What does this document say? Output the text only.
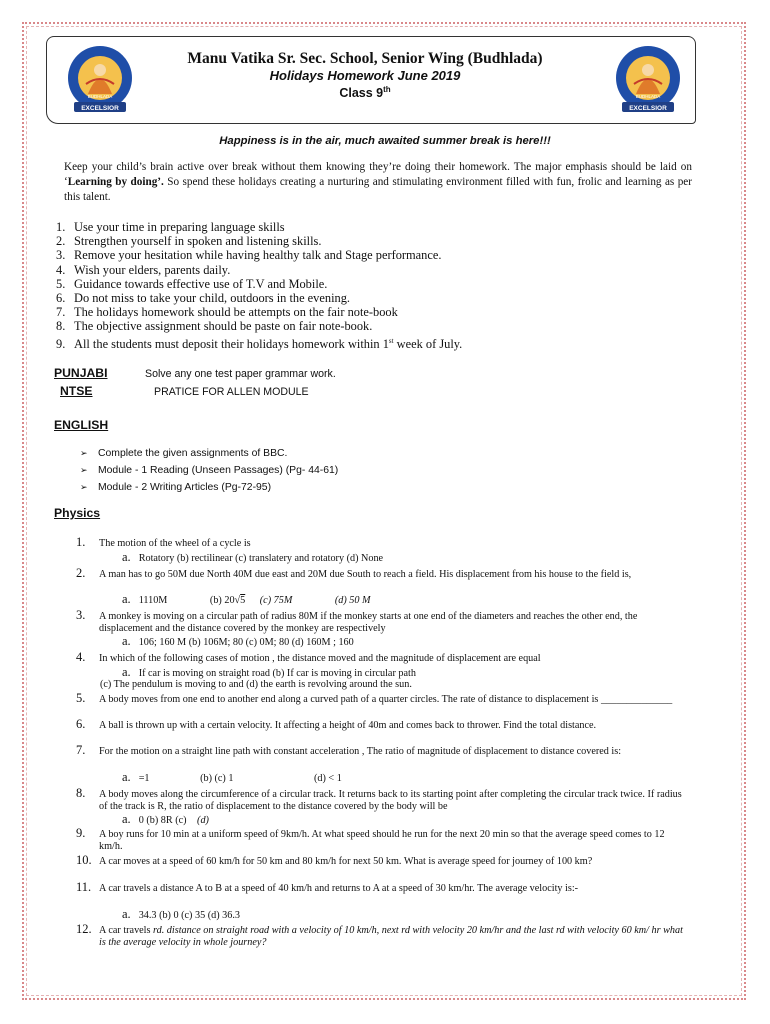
EXCELSIOR
BUDHLADA
EXCELSIOR
BUDHLADA
Manu Vatika Sr. Sec. School, Senior Wing (Budhlada)
Holidays Homework June 2019
Class 9th
Happiness is in the air, much awaited summer break is here!!!
Keep your child’s brain active over break without them knowing they’re doing their homework. The major emphasis should be laid on ‘Learning by doing’. So spend these holidays creating a nurturing and stimulating environment filled with fun, frolic and learning as per this talent.
1. Use your time in preparing language skills
2. Strengthen yourself in spoken and listening skills.
3. Remove your hesitation while having healthy talk and Stage performance.
4. Wish your elders, parents daily.
5. Guidance towards effective use of T.V and Mobile.
6. Do not miss to take your child, outdoors in the evening.
7. The holidays homework should be attempts on the fair note-book
8. The objective assignment should be paste on fair note-book.
9. All the students must deposit their holidays homework within 1st week of July.
PUNJABI	Solve any one test paper grammar work.
NTSE	PRATICE FOR ALLEN MODULE
ENGLISH
➢ Complete the given assignments of BBC.
➢ Module - 1 Reading (Unseen Passages) (Pg- 44-61)
➢ Module - 2 Writing Articles (Pg-72-95)
Physics
1. The motion of the wheel of a cycle is
a. Rotatory (b) rectilinear (c) translatery and rotatory (d) None
2. A man has to go 50M due North 40M due east and 20M due South to reach a field. His displacement from his house to the field is,
a. 1110M	(b) 20√5 (c) 75M	(d) 50 M
3. A monkey is moving on a circular path of radius 80M if the monkey starts at one end of the diameters and reaches the other end, the displacement and the distance covered by the monkey are respectively
a. 106; 160 M (b) 106M; 80 (c) 0M; 80 (d) 160M ; 160
4. In which of the following cases of motion , the distance moved and the magnitude of displacement are equal
a. If car is moving on straight road (b) If car is moving in circular path
(c) The pendulum is moving to and (d) the earth is revolving around the sun.
5. A body moves from one end to another end along a curved path of a quarter circles. The rate of distance to displacement is ______________
6. A ball is thrown up with a certain velocity. It affecting a height of 40m and comes back to thrower. Find the total distance.
7. For the motion on a straight line path with constant acceleration , The ratio of magnitude of displacement to distance covered is:
a. =1	(b) (c) 1	(d) < 1
8. A body moves along the circumference of a circular track. It returns back to its starting point after completing the circular track twice. If radius of the track is R, the ratio of displacement to the distance covered by the body will be
a. 0 (b) 8R (c) (d)
9. A boy runs for 10 min at a uniform speed of 9km/h. At what speed should he run for the next 20 min so that the average speed comes to 12 km/h.
10. A car moves at a speed of 60 km/h for 50 km and 80 km/h for next 50 km. What is average speed for journey of 100 km?
11. A car travels a distance A to B at a speed of 40 km/h and returns to A at a speed of 30 km/hr. The average velocity is:-
a. 34.3 (b) 0 (c) 35 (d) 36.3
12. A car travels rd. distance on straight road with a velocity of 10 km/h, next rd with velocity 20 km/hr and the last rd with velocity 60 km/ hr what is the average velocity in whole journey?
